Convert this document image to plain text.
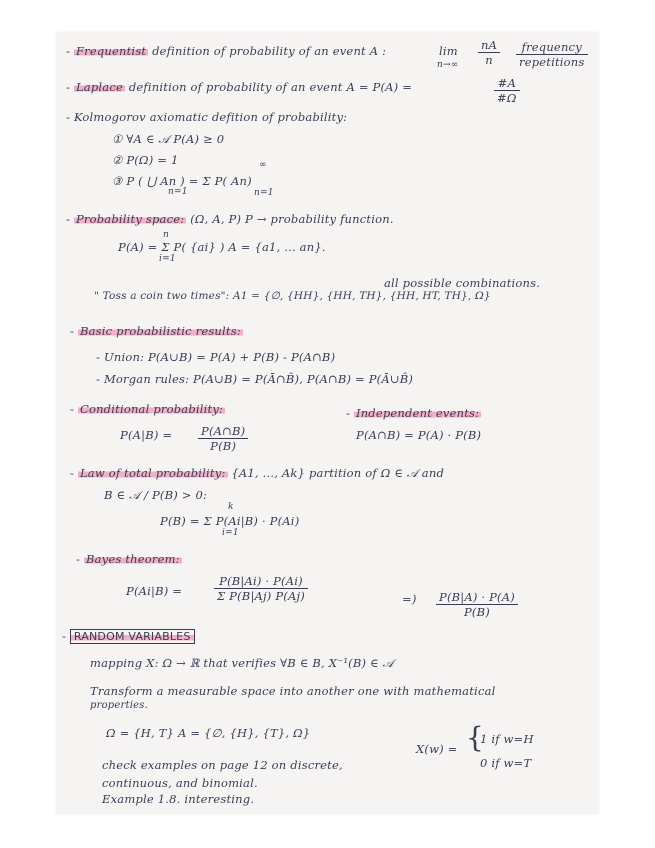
- Frequentist definition of probability of an event A :	lim
$n\to\infty \frac{nA}{n} \frac{\text{frequency}}{\text{repetitions}}$
- Laplace definition of probability of an event A = P(A) =	$\frac{\#A}{\#\Omega}$
- Kolmogorov axiomatic defition of probability:
① ∀A ∈ 𝒜 P(A) ≥ 0
② P(Ω) = 1	∞
③ P ( ⋃ An ) = Σ P( An)
n=1	n=1
- Probability space: (Ω, A, P) P → probability function.
n
P(A) = Σ P( {ai} ) A = {a1, ... an}.
i=1
all possible combinations.
" Toss a coin two times": A1 = {∅, {HH}, {HH, TH}, {HH, HT, TH}, Ω}
- Basic probabilistic results:
- Union: P(A∪B) = P(A) + P(B) - P(A∩B)
- Morgan rules: P(A∪B) = P(Ā∩B̄), P(A∩B) = P(Ā∪B̄)
- Conditional probability:	- Independent events:
$P(A|B) = \frac{P(A\cap B)}{P(B)}$	P(A∩B) = P(A) · P(B)
- Law of total probability: {A1, ..., Ak} partition of Ω ∈ 𝒜 and
B ∈ 𝒜 / P(B) > 0:
k
P(B) = Σ P(Ai|B) · P(Ai)
i=1
- Bayes theorem:
P(Ai|B) =	$\frac{P(B|Ai) \cdot P(Ai)}{\text{Σ P(B|Aj) P(Aj)}}$	=) $\frac{P(B|A) \cdot P(A)}{P(B)}$
- RANDOM VARIABLES
mapping X: Ω → ℝ that verifies ∀B ∈ B, X⁻¹(B) ∈ 𝒜
Transform a measurable space into another one with mathematical
properties.
Ω = {H, T} A = {∅, {H}, {T}, Ω}
X(w) = {
1 if w=H
0 if w=T
check examples on page 12 on discrete,
continuous, and binomial.
Example 1.8. interesting.
